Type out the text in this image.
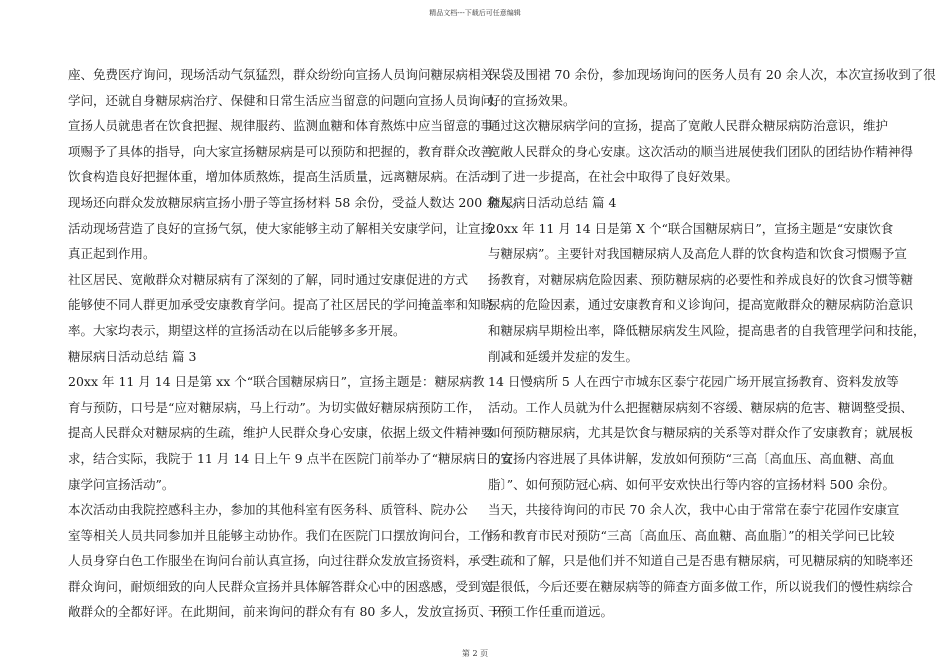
精品文档---下载后可任意编辑
座、免费医疗询问，现场活动气氛猛烈，群众纷纷向宣扬人员询问糖尿病相关
学问，还就自身糖尿病治疗、保健和日常生活应当留意的问题向宣扬人员询问。
宣扬人员就患者在饮食把握、规律服药、监测血糖和体育熬炼中应当留意的事
项赐予了具体的指导，向大家宣扬糖尿病是可以预防和把握的，教育群众改善
饮食构造良好把握体重，增加体质熬炼，提高生活质量，远离糖尿病。在活动
现场还向群众发放糖尿病宣扬小册子等宣扬材料 58 余份，受益人数达 200 余人。
活动现场营造了良好的宣扬气氛，使大家能够主动了解相关安康学问，让宣扬
真正起到作用。
社区居民、宽敞群众对糖尿病有了深刻的了解，同时通过安康促进的方式
能够使不同人群更加承受安康教育学问。提高了社区居民的学问掩盖率和知晓
率。大家均表示，期望这样的宣扬活动在以后能够多多开展。
糖尿病日活动总结 篇 3
20xx 年 11 月 14 日是第 xx 个“联合国糖尿病日”，宣扬主题是：糖尿病教
育与预防，口号是“应对糖尿病，马上行动”。为切实做好糖尿病预防工作，
提高人民群众对糖尿病的生疏，维护人民群众身心安康，依据上级文件精神要
求，结合实际，我院于 11 月 14 日上午 9 点半在医院门前举办了“糖尿病日的安
康学问宣扬活动”。
本次活动由我院控感科主办，参加的其他科室有医务科、质管科、院办公
室等相关人员共同参加并且能够主动协作。我们在医院门口摆放询问台，工作
人员身穿白色工作服坐在询问台前认真宣扬，向过往群众发放宣扬资料，承受
群众询问，耐烦细致的向人民群众宣扬并具体解答群众心中的困惑感，受到宽
敞群众的全都好评。在此期间，前来询问的群众有有 80 多人，发放宣扬页、环
保袋及围裙 70 余份，参加现场询问的医务人员有 20 余人次，本次宣扬收到了很
好的宣扬效果。
通过这次糖尿病学问的宣扬，提高了宽敞人民群众糖尿病防治意识，维护
宽敞人民群众的身心安康。这次活动的顺当进展使我们团队的团结协作精神得
到了进一步提高，在社会中取得了良好效果。
糖尿病日活动总结 篇 4
20xx 年 11 月 14 日是第 X 个“联合国糖尿病日”，宣扬主题是“安康饮食
与糖尿病”。主要针对我国糖尿病人及高危人群的饮食构造和饮食习惯赐予宣
扬教育，对糖尿病危险因素、预防糖尿病的必要性和养成良好的饮食习惯等糖
尿病的危险因素，通过安康教育和义诊询问，提高宽敞群众的糖尿病防治意识
和糖尿病早期检出率，降低糖尿病发生风险，提高患者的自我管理学问和技能，
削减和延缓并发症的发生。
14 日慢病所 5 人在西宁市城东区泰宁花园广场开展宣扬教育、资料发放等
活动。工作人员就为什么把握糖尿病刻不容缓、糖尿病的危害、糖调整受损、
如何预防糖尿病，尤其是饮食与糖尿病的关系等对群众作了安康教育；就展板
的宣扬内容进展了具体讲解，发放如何预防“三高〔高血压、高血糖、高血
脂〕”、如何预防冠心病、如何平安欢快出行等内容的宣扬材料 500 余份。
当天，共接待询问的市民 70 余人次，我中心由于常常在泰宁花园作安康宣
扬和教育市民对预防“三高〔高血压、高血糖、高血脂〕”的相关学问已比较
生疏和了解，只是他们并不知道自己是否患有糖尿病，可见糖尿病的知晓率还
是很低，今后还要在糖尿病等的筛查方面多做工作，所以说我们的慢性病综合
干预工作任重而道远。
第 2 页
